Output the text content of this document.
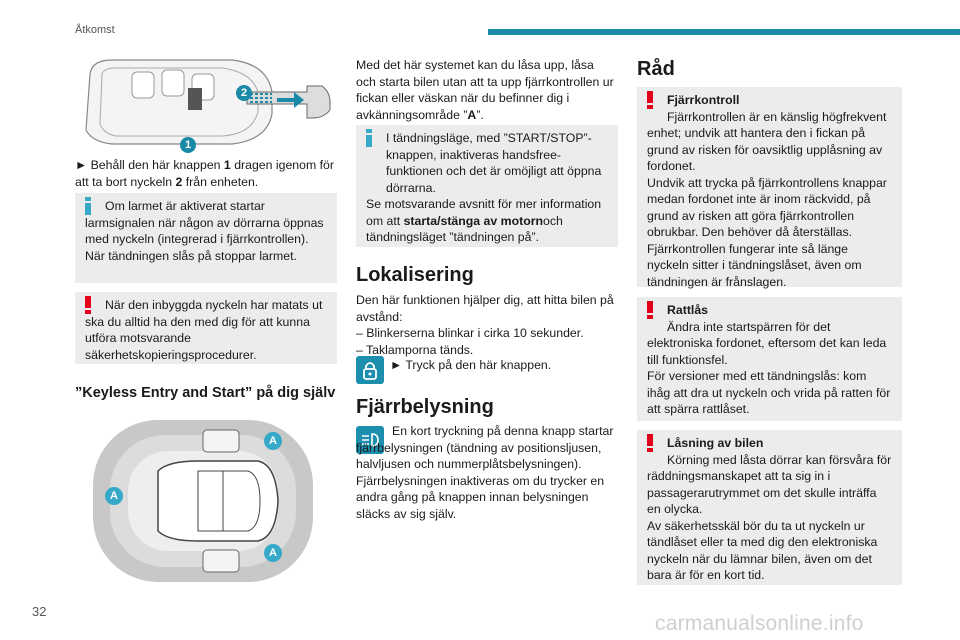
Åtkomst
2
1
► Behåll den här knappen 1 dragen igenom för att ta bort nyckeln 2 från enheten.
Om larmet är aktiverat startar larmsignalen när någon av dörrarna öppnas med nyckeln (integrerad i fjärrkontrollen). När tändningen slås på stoppar larmet.
När den inbyggda nyckeln har matats ut ska du alltid ha den med dig för att kunna utföra motsvarande säkerhetskopieringsprocedurer.
”Keyless Entry and Start” på dig själv
A
A
A
Med det här systemet kan du låsa upp, låsa och starta bilen utan att ta upp fjärrkontrollen ur fickan eller väskan när du befinner dig i avkänningsområde ”A”.
I tändningsläge, med ”START/STOP”-knappen, inaktiveras handsfree-funktionen och det är omöjligt att öppna dörrarna.
Se motsvarande avsnitt för mer information om att starta/stänga av motornoch tändningsläget ”tändningen på”.
Lokalisering

Den här funktionen hjälper dig, att hitta bilen på avstånd:

– Blinkerserna blinkar i cirka 10 sekunder.

– Taklamporna tänds.

► Tryck på den här knappen.
Fjärrbelysning

En kort tryckning på denna knapp startar fjärrbelysningen (tändning av positionsljusen, halvljusen och nummerplåtsbelysningen).

Fjärrbelysningen inaktiveras om du trycker en andra gång på knappen innan belysningen släcks av sig själv.

Råd
Fjärrkontroll
Fjärrkontrollen är en känslig högfrekvent enhet; undvik att hantera den i fickan på grund av risken för oavsiktlig upplåsning av fordonet.
Undvik att trycka på fjärrkontrollens knappar medan fordonet inte är inom räckvidd, på grund av risken att göra fjärrkontrollen obrukbar. Den behöver då återställas.
Fjärrkontrollen fungerar inte så länge nyckeln sitter i tändningslåset, även om tändningen är frånslagen.
Rattlås
Ändra inte startspärren för det elektroniska fordonet, eftersom det kan leda till funktionsfel.
För versioner med ett tändningslås: kom ihåg att dra ut nyckeln och vrida på ratten för att spärra rattlåset.
Låsning av bilen
Körning med låsta dörrar kan försvåra för räddningsmanskapet att ta sig in i passagerarutrymmet om det skulle inträffa en olycka.
Av säkerhetsskäl bör du ta ut nyckeln ur tändlåset eller ta med dig den elektroniska nyckeln när du lämnar bilen, även om det bara är för en kort tid.
32
carmanualsonline.info
